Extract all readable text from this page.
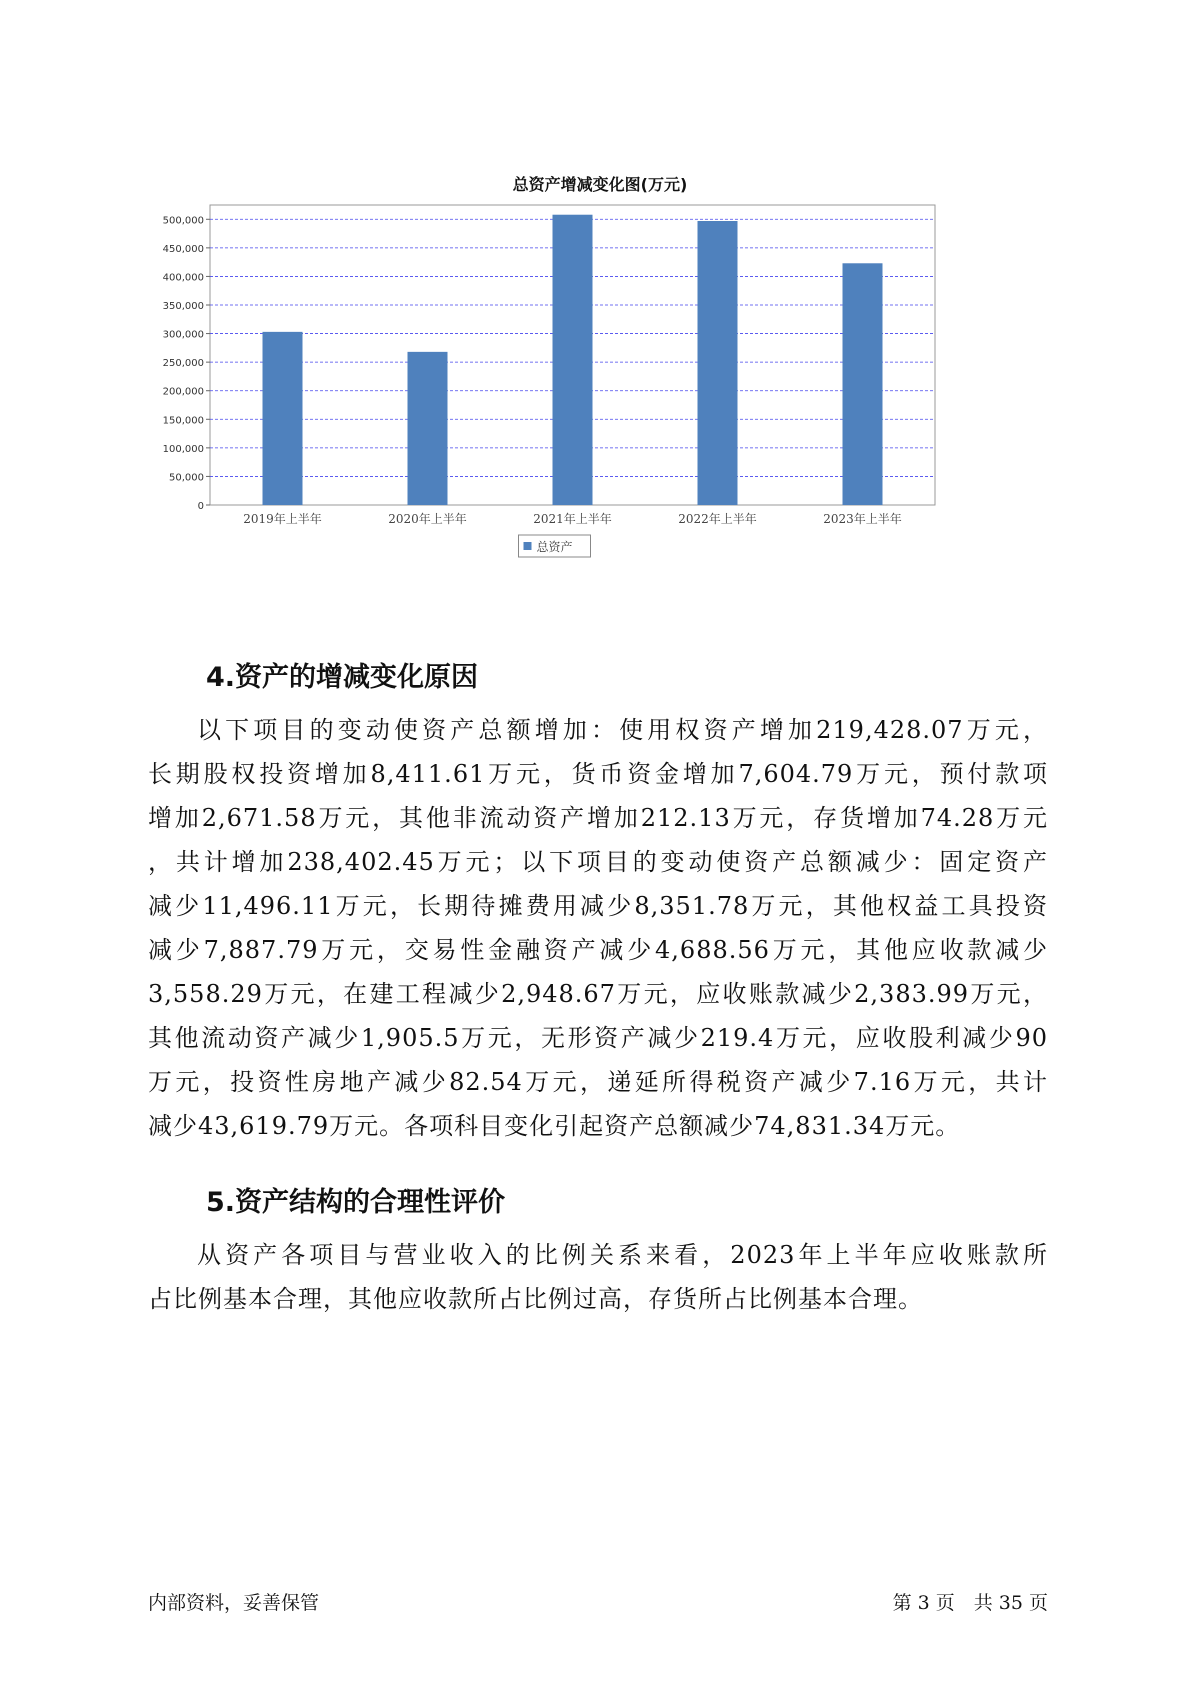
0
50,000
100,000
150,000
200,000
250,000
300,000
350,000
400,000
450,000
500,000
2019年上半年	2020年上半年	2021年上半年	2022年上半年	2023年上半年
总资产
总资产增减变化图(万元)
4.资产的增减变化原因
以下项目的变动使资产总额增加：使用权资产增加219,428.07万元，
长期股权投资增加8,411.61万元，货币资金增加7,604.79万元，预付款项
增加2,671.58万元，其他非流动资产增加212.13万元，存货增加74.28万元
，共计增加238,402.45万元；以下项目的变动使资产总额减少：固定资产
减少11,496.11万元，长期待摊费用减少8,351.78万元，其他权益工具投资
减少7,887.79万元，交易性金融资产减少4,688.56万元，其他应收款减少
3,558.29万元，在建工程减少2,948.67万元，应收账款减少2,383.99万元，
其他流动资产减少1,905.5万元，无形资产减少219.4万元，应收股利减少90
万元，投资性房地产减少82.54万元，递延所得税资产减少7.16万元，共计
减少43,619.79万元。各项科目变化引起资产总额减少74,831.34万元。
5.资产结构的合理性评价
从资产各项目与营业收入的比例关系来看，2023年上半年应收账款所
占比例基本合理，其他应收款所占比例过高，存货所占比例基本合理。
内部资料，妥善保管	第 3 页　共 35 页
